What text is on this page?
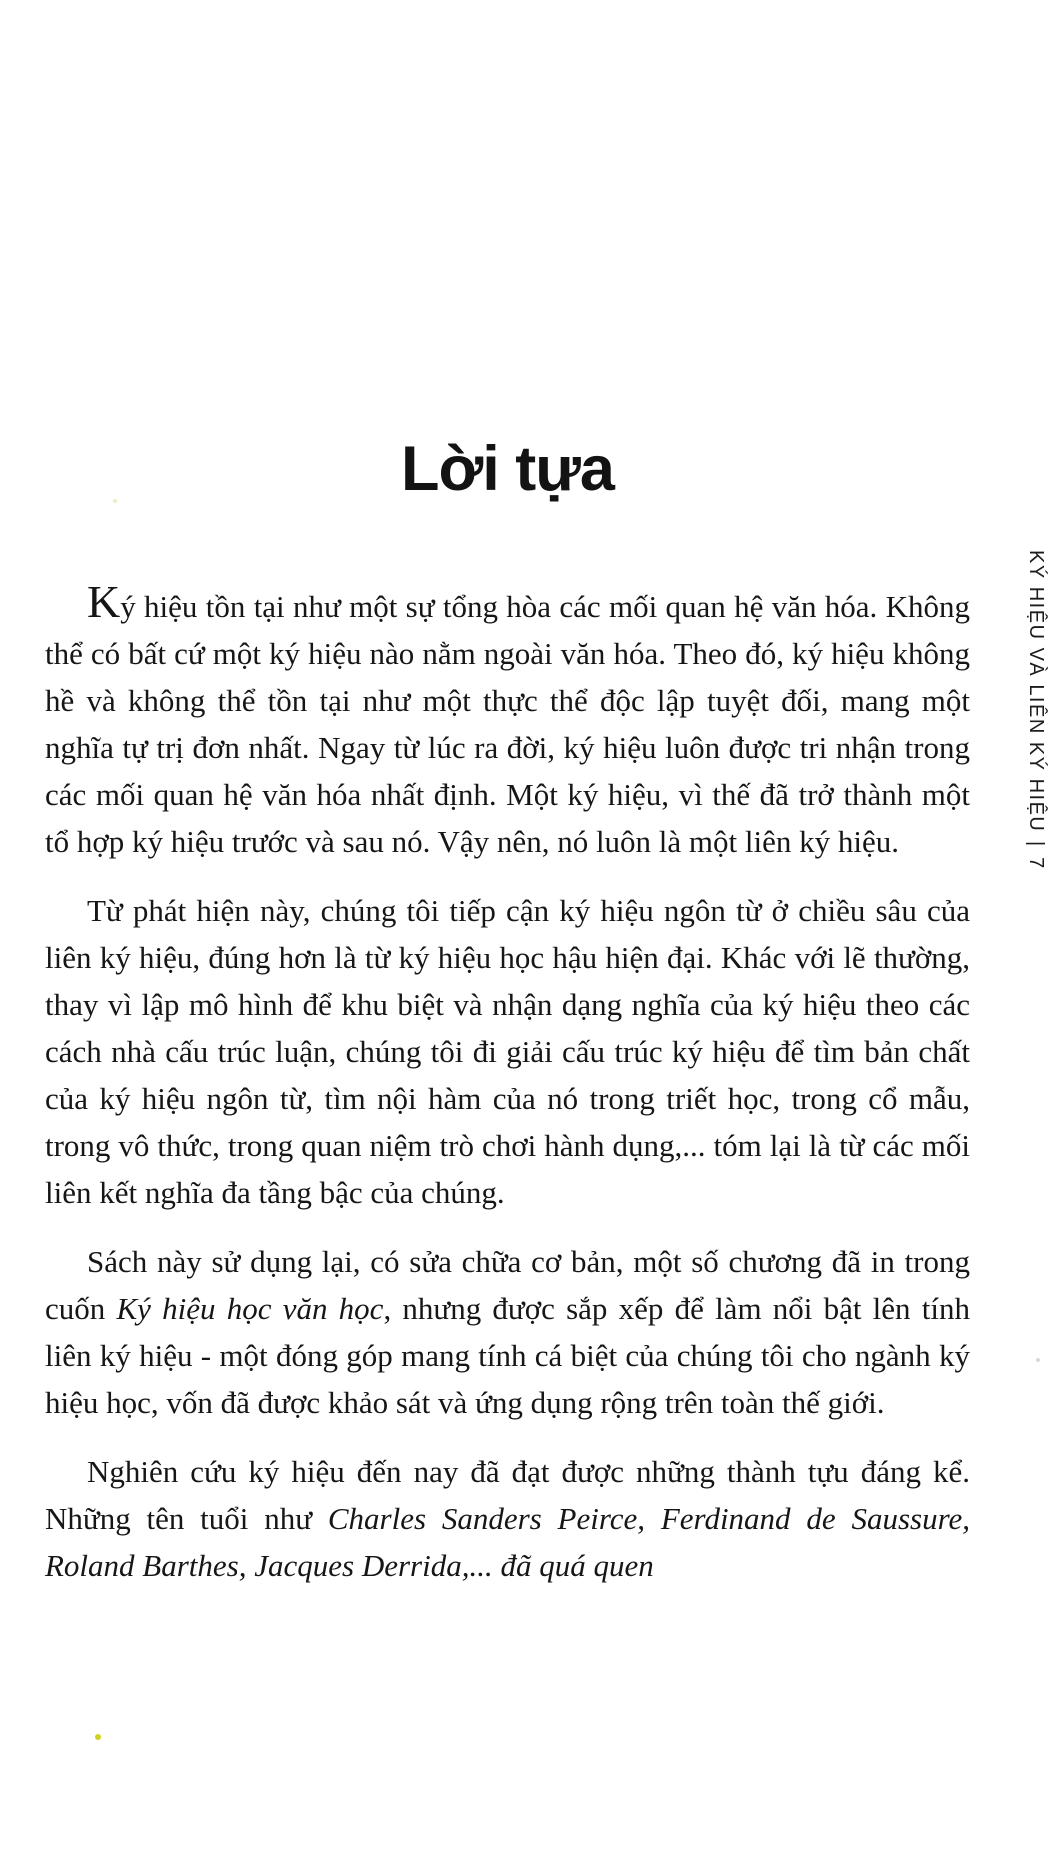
Lời tựa

Ký hiệu tồn tại như một sự tổng hòa các mối quan hệ văn hóa. Không thể có bất cứ một ký hiệu nào nằm ngoài văn hóa. Theo đó, ký hiệu không hề và không thể tồn tại như một thực thể độc lập tuyệt đối, mang một nghĩa tự trị đơn nhất. Ngay từ lúc ra đời, ký hiệu luôn được tri nhận trong các mối quan hệ văn hóa nhất định. Một ký hiệu, vì thế đã trở thành một tổ hợp ký hiệu trước và sau nó. Vậy nên, nó luôn là một liên ký hiệu.

Từ phát hiện này, chúng tôi tiếp cận ký hiệu ngôn từ ở chiều sâu của liên ký hiệu, đúng hơn là từ ký hiệu học hậu hiện đại. Khác với lẽ thường, thay vì lập mô hình để khu biệt và nhận dạng nghĩa của ký hiệu theo các cách nhà cấu trúc luận, chúng tôi đi giải cấu trúc ký hiệu để tìm bản chất của ký hiệu ngôn từ, tìm nội hàm của nó trong triết học, trong cổ mẫu, trong vô thức, trong quan niệm trò chơi hành dụng,... tóm lại là từ các mối liên kết nghĩa đa tầng bậc của chúng.

Sách này sử dụng lại, có sửa chữa cơ bản, một số chương đã in trong cuốn Ký hiệu học văn học, nhưng được sắp xếp để làm nổi bật lên tính liên ký hiệu - một đóng góp mang tính cá biệt của chúng tôi cho ngành ký hiệu học, vốn đã được khảo sát và ứng dụng rộng trên toàn thế giới.

Nghiên cứu ký hiệu đến nay đã đạt được những thành tựu đáng kể. Những tên tuổi như Charles Sanders Peirce, Ferdinand de Saussure, Roland Barthes, Jacques Derrida,... đã quá quen

KÝ HIỆU VÀ LIÊN KÝ HIỆU|7
